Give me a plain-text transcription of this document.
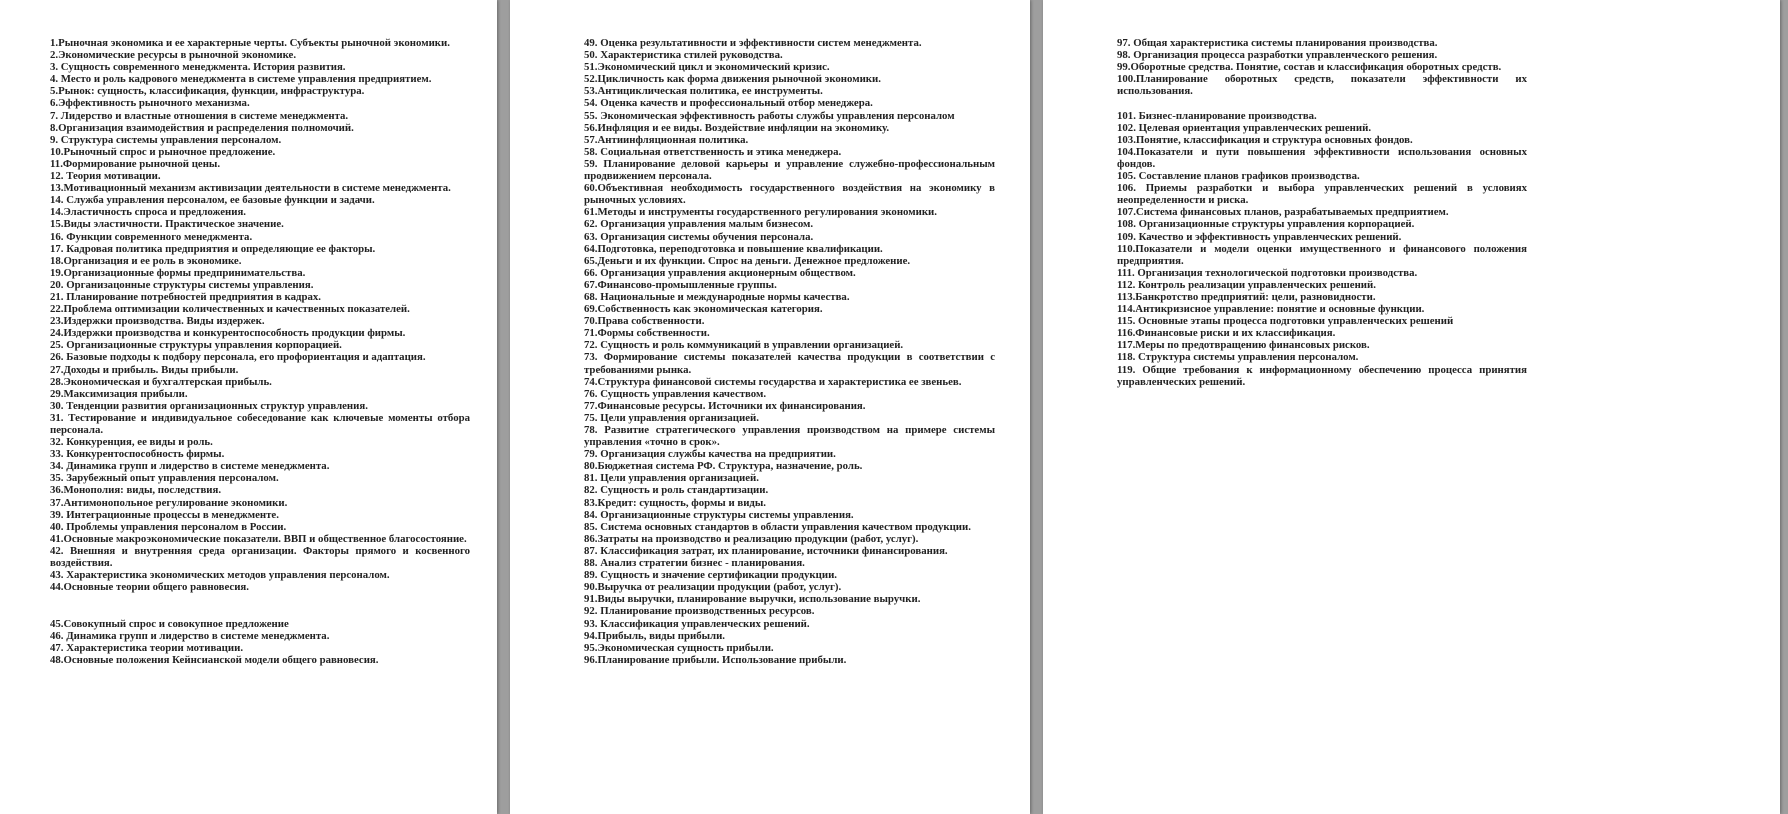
1.Рыночная экономика и ее характерные черты. Субъекты рыночной экономики.

2.Экономические ресурсы в рыночной экономике.

3. Сущность современного менеджмента. История развития.

4. Место и роль кадрового менеджмента в системе управления предприятием.

5.Рынок: сущность, классификация, функции, инфраструктура.

6.Эффективность рыночного механизма.

7. Лидерство и властные отношения в системе менеджмента.

8.Организация взаимодействия и распределения полномочий.

9. Структура системы управления персоналом.

10.Рыночный спрос и рыночное предложение.

11.Формирование рыночной цены.

12. Теория мотивации.

13.Мотивационный механизм активизации деятельности в системе менеджмента.

14. Служба управления персоналом, ее базовые функции и задачи.

14.Эластичность спроса и предложения.

15.Виды эластичности. Практическое значение.

16. Функции современного менеджмента.

17. Кадровая политика предприятия и определяющие ее факторы.

18.Организация и ее роль в экономике.

19.Организационные формы предпринимательства.

20. Организацонные структуры системы управления.

21. Планирование потребностей предприятия в кадрах.

22.Проблема оптимизации количественных и качественных показателей.

23.Издержки производства. Виды издержек.

24.Издержки производства и конкурентоспособность продукции фирмы.

25. Организационные структуры управления корпорацией.

26. Базовые подходы к подбору персонала, его профориентация и адаптация.

27.Доходы и прибыль. Виды прибыли.

28.Экономическая и бухгалтерская прибыль.

29.Максимизация прибыли.

30. Тенденции развития организационных структур управления.

31. Тестирование и индивидуальное собеседование как ключевые моменты отбора персонала.

32. Конкуренция, ее виды и роль.

33. Конкурентоспособность фирмы.

34. Динамика групп и лидерство в системе менеджмента.

35. Зарубежный опыт управления персоналом.

36.Монополия: виды, последствия.

37.Антимонопольное регулирование экономики.

39. Интеграционные процессы в менеджменте.

40. Проблемы управления персоналом в России.

41.Основные макроэкономические показатели. ВВП и общественное благосостояние.

42. Внешняя и внутренняя среда организации. Факторы прямого и косвенного воздействия.

43. Характеристика экономических методов управления персоналом.

44.Основные теории общего равновесия.

45.Совокупный спрос и совокупное предложение

46. Динамика групп и лидерство в системе менеджмента.

47. Характеристика теории мотивации.

48.Основные положения Кейнсианской модели общего равновесия.

49. Оценка результативности и эффективности систем менеджмента.

50. Характеристика стилей руководства.

51.Экономический цикл и экономический кризис.

52.Цикличность как форма движения рыночной экономики.

53.Антициклическая политика, ее инструменты.

54. Оценка качеств и профессиональный отбор менеджера.

55. Экономическая эффективность работы службы управления персоналом

56.Инфляция и ее виды. Воздействие инфляции на экономику.

57.Антиинфляционная политика.

58. Социальная ответственность и этика менеджера.

59. Планирование деловой карьеры и управление служебно-профессиональным продвижением персонала.

60.Объективная необходимость государственного воздействия на экономику в рыночных условиях.

61.Методы и инструменты государственного регулирования экономики.

62. Организация управления малым бизнесом.

63. Организация системы обучения персонала.

64.Подготовка, переподготовка и повышение квалификации.

65.Деньги и их функции. Спрос на деньги. Денежное предложение.

66. Организация управления акционерным обществом.

67.Финансово-промышленные группы.

68. Национальные и международные нормы качества.

69.Собственность как экономическая категория.

70.Права собственности.

71.Формы собственности.

72. Сущность и роль коммуникаций в управлении организацией.

73. Формирование системы показателей качества продукции в соответствии с требованиями рынка.

74.Структура финансовой системы государства и характеристика ее звеньев.

76. Сущность управления качеством.

77.Финансовые ресурсы. Источники их финансирования.

75. Цели управления организацией.

78. Развитие стратегического управления производством на примере системы управления «точно в срок».

79. Организация службы качества на предприятии.

80.Бюджетная система РФ. Структура, назначение, роль.

81. Цели управления организацией.

82. Сущность и роль стандартизации.

83.Кредит: сущность, формы и виды.

84. Организационные структуры системы управления.

85. Система основных стандартов в области управления качеством продукции.

86.Затраты на производство и реализацию продукции (работ, услуг).

87. Классификация затрат, их планирование, источники финансирования.

88. Анализ стратегии бизнес - планирования.

89. Сущность и значение сертификации продукции.

90.Выручка от реализации продукции (работ, услуг).

91.Виды выручки, планирование выручки, использование выручки.

92. Планирование производственных ресурсов.

93. Классификация управленческих решений.

94.Прибыль, виды прибыли.

95.Экономическая сущность прибыли.

96.Планирование прибыли. Использование прибыли.

97. Общая характеристика системы планирования производства.

98. Организация процесса разработки управленческого решения.

99.Оборотные средства. Понятие, состав и классификация оборотных средств.

100.Планирование оборотных средств, показатели эффективности их использования.

101. Бизнес-планирование производства.

102. Целевая ориентация управленческих решений.

103.Понятие, классификация и структура основных фондов.

104.Показатели и пути повышения эффективности использования основных фондов.

105. Составление планов графиков производства.

106. Приемы разработки и выбора управленческих решений в условиях неопределенности и риска.

107.Система финансовых планов, разрабатываемых предприятием.

108. Организационные структуры управления корпорацией.

109. Качество и эффективность управленческих решений.

110.Показатели и модели оценки имущественного и финансового положения предприятия.

111. Организация технологической подготовки производства.

112. Контроль реализации управленческих решений.

113.Банкротство предприятий: цели, разновидности.

114.Антикризисное управление: понятие и основные функции.

115. Основные этапы процесса подготовки управленческих решений

116.Финансовые риски и их классификация.

117.Меры по предотвращению финансовых рисков.

118. Структура системы управления персоналом.

119. Общие требования к информационному обеспечению процесса принятия управленческих решений.
